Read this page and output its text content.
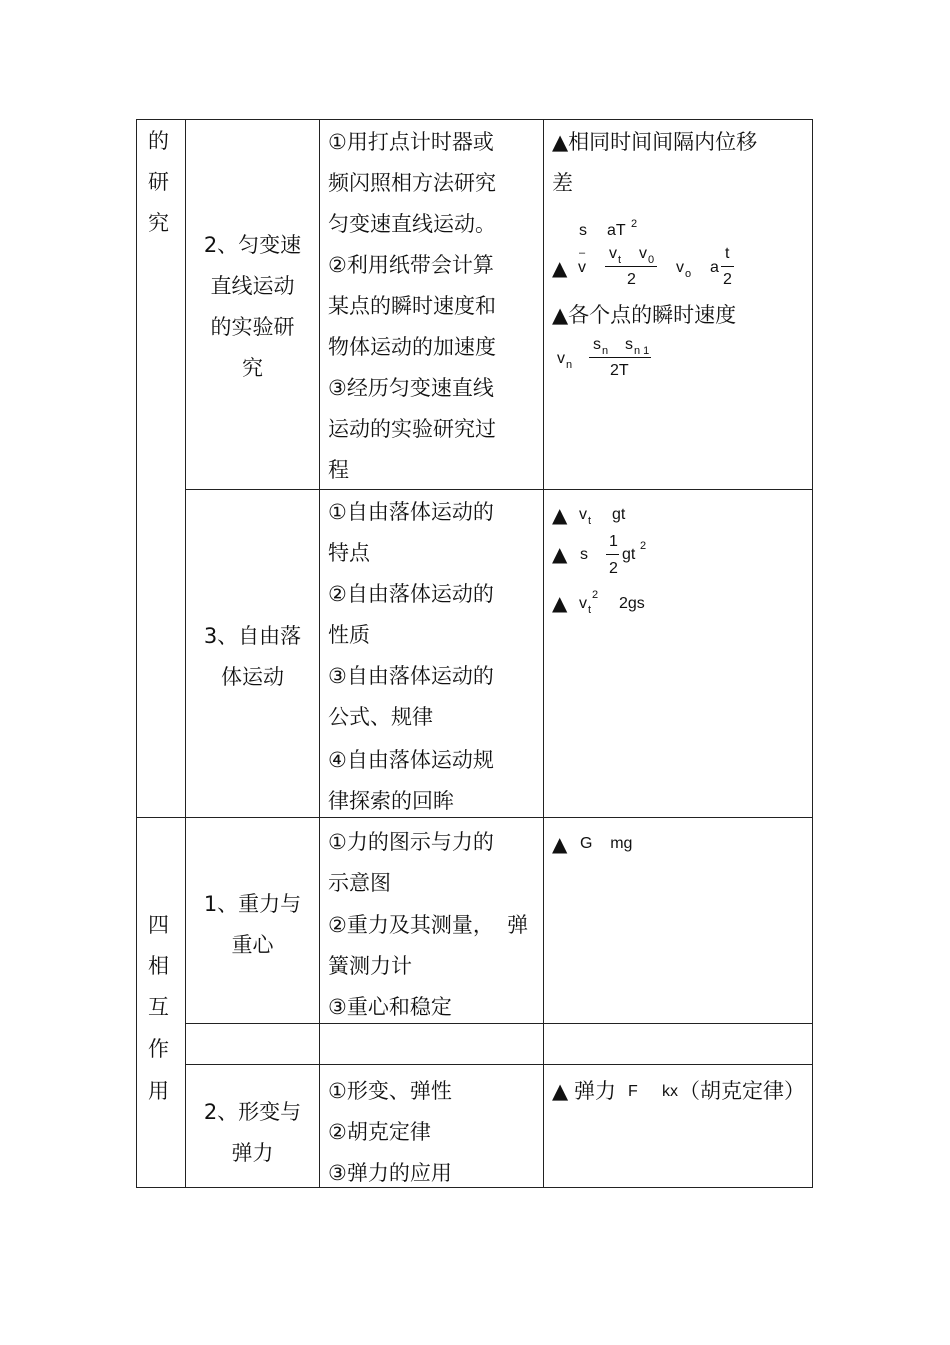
的
研
究
2、匀变速
直线运动
的实验研
究
①用打点计时器或
频闪照相方法研究
匀变速直线运动。
②利用纸带会计算
某点的瞬时速度和
物体运动的加速度
③经历匀变速直线
运动的实验研究过
程
▲相同时间间隔内位移
差
s aT 2
▲ v
– v t v 0
2
v o a
t
2
▲各个点的瞬时速度
v n
s n s n 1
2T
3、自由落
体运动
①自由落体运动的
特点
②自由落体运动的
性质
③自由落体运动的
公式、规律
④自由落体运动规
律探索的回眸
▲ v t gt
▲ s
1
2
gt 2
▲ v 2
t 2gs
四
相
互
作
用
1、重力与
重心
①力的图示与力的
示意图
②重力及其测量，  弹
簧测力计
③重心和稳定
▲ G    mg
2、形变与
弹力
①形变、弹性
②胡克定律
③弹力的应用
▲ 弹力 F kx （胡克定律）
